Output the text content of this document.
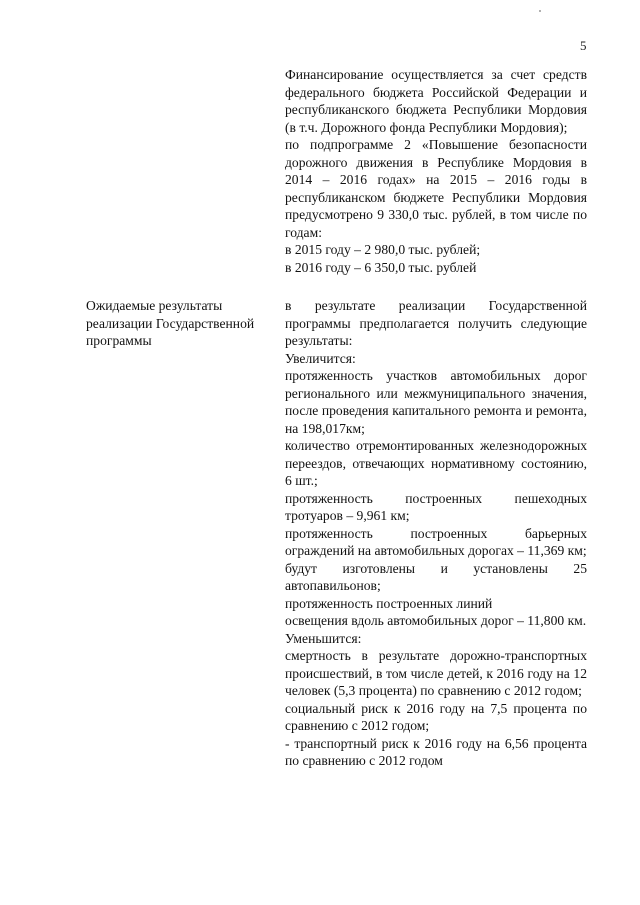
5

Финансирование осуществляется за счет средств федерального бюджета Российской Федерации и республиканского бюджета Республики Мордовия (в т.ч. Дорожного фонда Республики Мордовия);

по подпрограмме 2 «Повышение безопасности дорожного движения в Республике Мордовия в 2014 – 2016 годах» на 2015 – 2016 годы в республиканском бюджете Республики Мордовия предусмотрено 9 330,0 тыс. рублей, в том числе по годам:

в 2015 году – 2 980,0 тыс. рублей;

в 2016 году – 6 350,0 тыс. рублей

Ожидаемые результаты реализации Государственной программы

в результате реализации Государственной программы предполагается получить следующие результаты:

Увеличится:

протяженность участков автомобильных дорог регионального или межмуниципального значения, после проведения капитального ремонта и ремонта, на 198,017км;

количество отремонтированных железнодорожных переездов, отвечающих нормативному состоянию, 6 шт.;

протяженность построенных пешеходных тротуаров – 9,961 км;

протяженность построенных барьерных ограждений на автомобильных дорогах – 11,369 км;

будут изготовлены и установлены 25 автопавильонов;

протяженность построенных линий

освещения вдоль автомобильных дорог – 11,800 км.

Уменьшится:

смертность в результате дорожно-транспортных происшествий, в том числе детей, к 2016 году на 12 человек (5,3 процента) по сравнению с 2012 годом;

социальный риск к 2016 году на 7,5 процента по сравнению с 2012 годом;

- транспортный риск к 2016 году на 6,56 процента по сравнению с 2012 годом
